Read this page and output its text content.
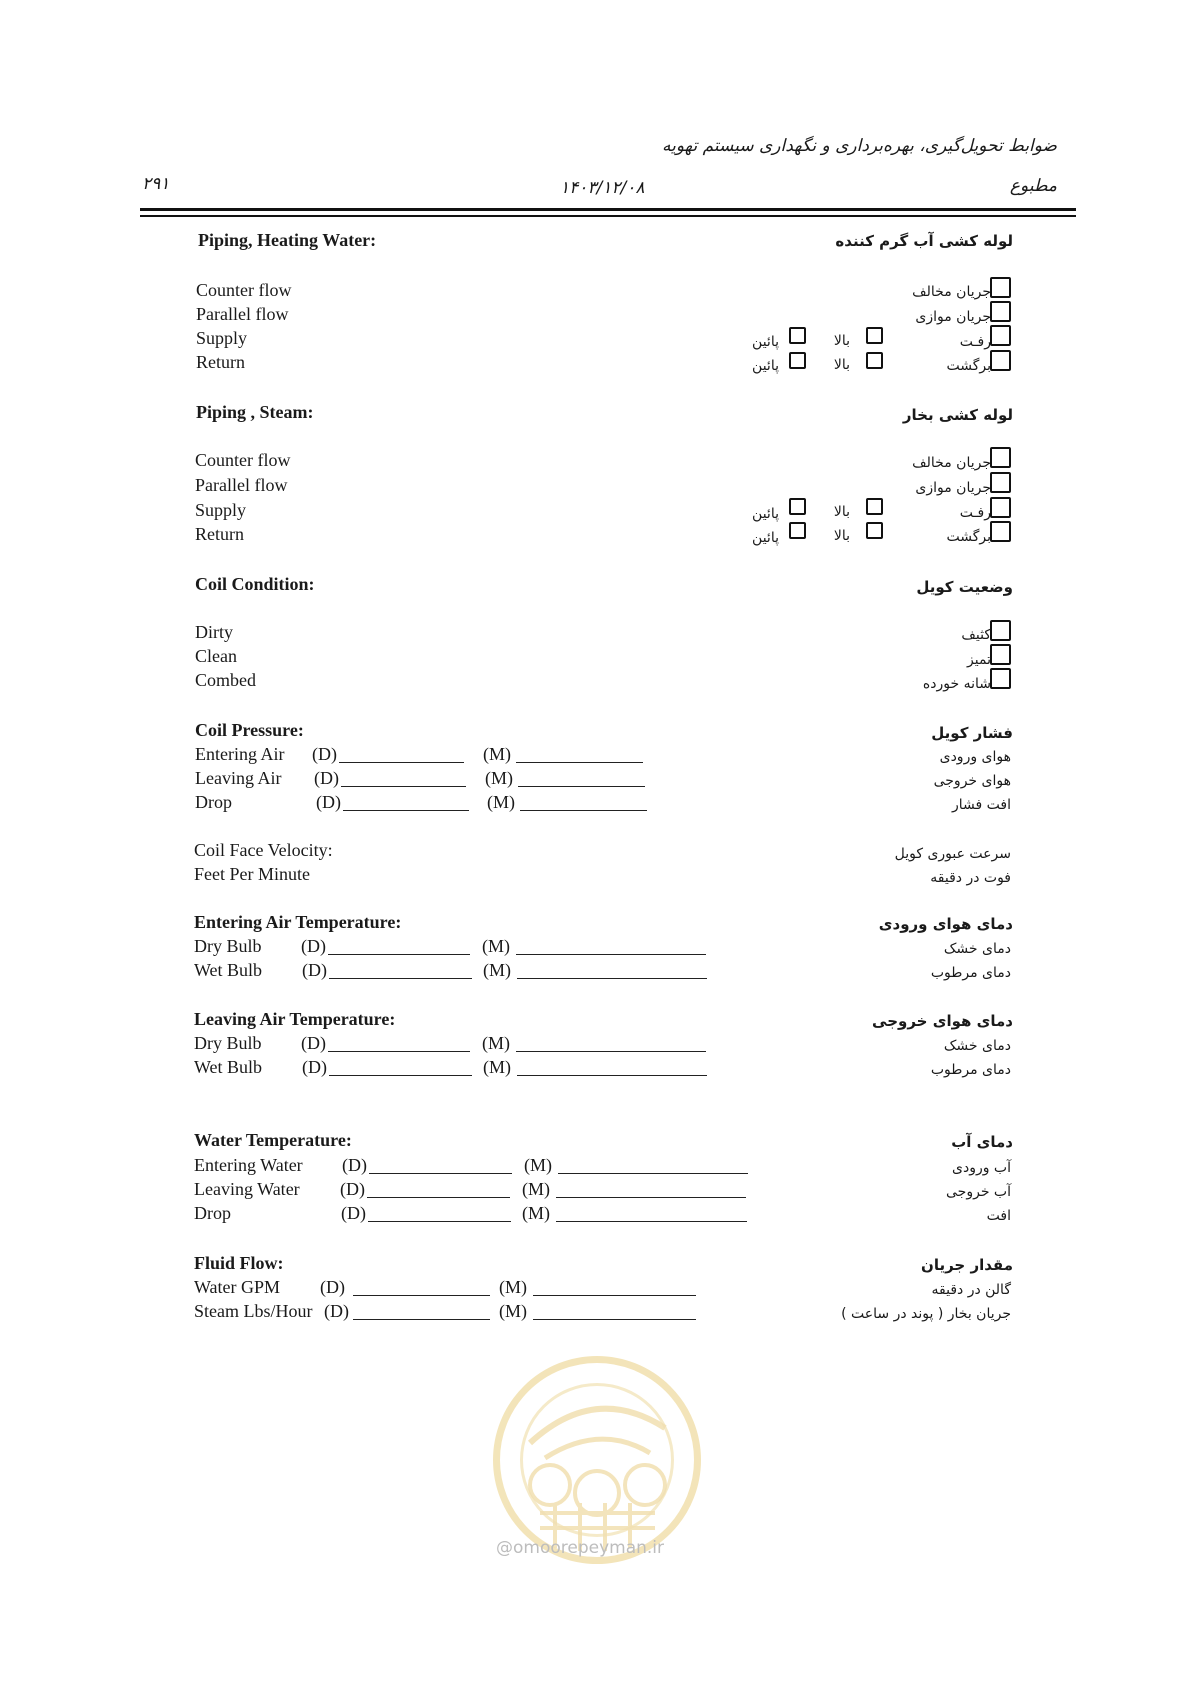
ضوابط تحویل‌گیری، بهره‌برداری و نگهداری سیستم تهویه
۲۹۱	۱۴۰۳/۱۲/۰۸	مطبوع
Piping, Heating Water:	لوله کشی آب گرم کننده
Counter flow
Parallel flow
Supply
Return
جریان مخالف
جریان موازی
رفـت
برگشت
بالا
پائین
بالا
پائین
Piping , Steam:	لوله کشی بخار
Counter flow
Parallel flow
Supply
Return
جریان مخالف
جریان موازی
رفـت
برگشت
بالا
پائین
بالا
پائین
Coil Condition:	وضعیت کویل
Dirty
Clean
Combed
کثیف
تمیز
شانه خورده
Coil Pressure:	فشار کویل
Entering Air (D)	(M)	هوای ورودی
Leaving Air (D)	(M)	هوای خروجی
Drop	(D)	(M)	افت فشار
Coil Face Velocity:
Feet Per Minute
سرعت عبوری کویل
فوت در دقیقه
Entering Air Temperature:	دمای هوای ورودی
Dry Bulb (D)	(M)	دمای خشک
Wet Bulb (D)	(M)	دمای مرطوب
Leaving Air Temperature:	دمای هوای خروجی
Dry Bulb (D)	(M)	دمای خشک
Wet Bulb (D)	(M)	دمای مرطوب
Water Temperature:	دمای آب
Entering Water (D)	(M)	آب ورودی
Leaving Water (D)	(M)	آب خروجی
Drop	(D)	(M)	افت
Fluid Flow:	مقدار جریان
Water GPM (D)	(M)	گالن در دقیقه
Steam Lbs/Hour (D)	(M)	جریان بخار ( پوند در ساعت )
@omoorepeyman.ir
